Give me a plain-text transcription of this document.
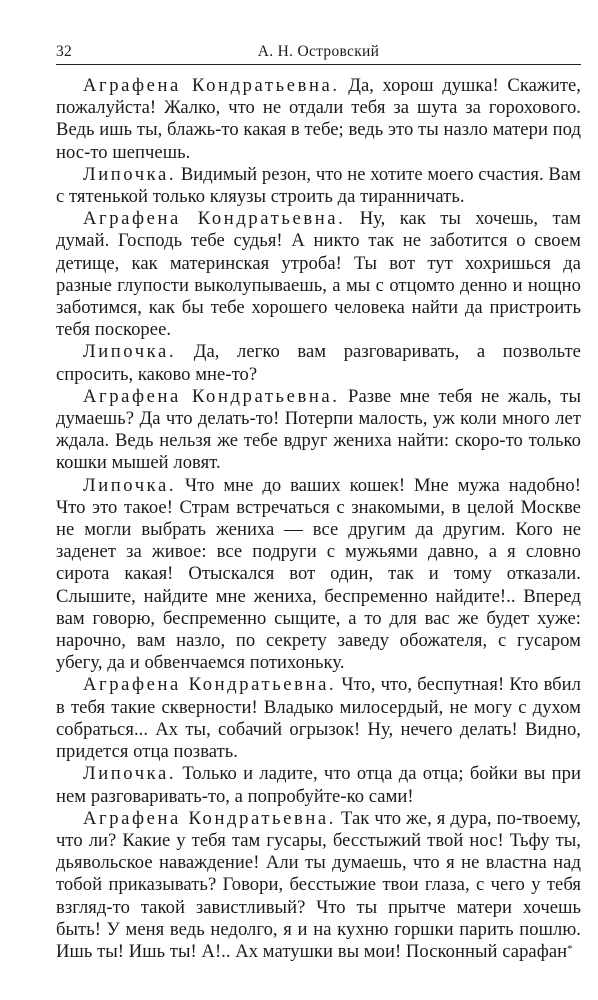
32	А. Н. Островский

Аграфена Кондратьевна. Да, хорош душка! Скажите, пожалуйста! Жалко, что не отдали тебя за шута за горохового. Ведь ишь ты, блажь-то какая в тебе; ведь это ты назло матери под нос-то шепчешь.

Липочка. Видимый резон, что не хотите моего счастия. Вам с тятенькой только кляузы строить да тиранничать.

Аграфена Кондратьевна. Ну, как ты хочешь, там думай. Господь тебе судья! А никто так не заботится о своем детище, как материнская утроба! Ты вот тут хохришься да разные глупости выколупываешь, а мы с отцомто денно и нощно заботимся, как бы тебе хорошего человека найти да пристроить тебя поскорее.

Липочка. Да, легко вам разговаривать, а позвольте спросить, каково мне-то?

Аграфена Кондратьевна. Разве мне тебя не жаль, ты думаешь? Да что делать-то! Потерпи малость, уж коли много лет ждала. Ведь нельзя же тебе вдруг жениха найти: скоро-то только кошки мышей ловят.

Липочка. Что мне до ваших кошек! Мне мужа надобно! Что это такое! Страм встречаться с знакомыми, в целой Москве не могли выбрать жениха — все другим да другим. Кого не заденет за живое: все подруги с мужьями давно, а я словно сирота какая! Отыскался вот один, так и тому отказали. Слышите, найдите мне жениха, беспременно найдите!.. Вперед вам говорю, беспременно сыщите, а то для вас же будет хуже: нарочно, вам назло, по секрету заведу обожателя, с гусаром убегу, да и обвенчаемся потихоньку.

Аграфена Кондратьевна. Что, что, беспутная! Кто вбил в тебя такие скверности! Владыко милосердый, не могу с духом собраться... Ах ты, собачий огрызок! Ну, нечего делать! Видно, придется отца позвать.

Липочка. Только и ладите, что отца да отца; бойки вы при нем разговаривать-то, а попробуйте-ко сами!

Аграфена Кондратьевна. Так что же, я дура, по-твоему, что ли? Какие у тебя там гусары, бесстыжий твой нос! Тьфу ты, дьявольское наваждение! Али ты думаешь, что я не властна над тобой приказывать? Говори, бесстыжие твои глаза, с чего у тебя взгляд-то такой завистливый? Что ты прытче матери хочешь быть! У меня ведь недолго, я и на кухню горшки парить пошлю. Ишь ты! Ишь ты! А!.. Ах матушки вы мои! Посконный сарафан*
